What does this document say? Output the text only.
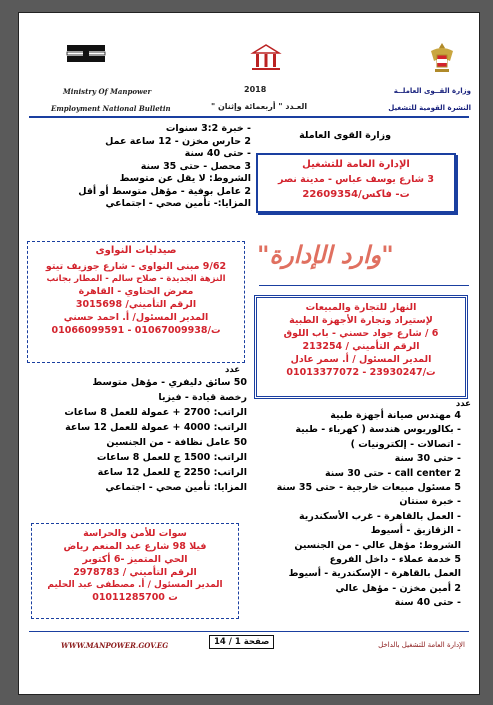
Ministry Of Manpower	2018	وزارة القــوى العاملــة
Employment National Bulletin	العـدد " أربعمائة وإثنان "	النشرة القومية للتشغيل
- خبرة 3:2 سنوات
2 حارس مخزن - 12 ساعة عمل
- حتى 40 سنة
3 محصل - حتى 35 سنة
الشروط: لا يقل عن متوسط
2 عامل بوفية - مؤهل متوسط أو أقل
المزايا:- تأمين صحي - اجتماعي
وزارة القوى العاملة
الإدارة العامة للتشغيل
3 شارع يوسف عباس - مدينة نصر
ت- فاكس/22609354
"وارد الإدارة"
صيدليات النواوى
9/62 مبنى النواوى - شارع جوزيف تيتو
النزهة الجديدة - صلاح سالم - المطار بجانب
معرض الحناوي - القاهرة
الرقم التأميني/ 3015698
المدير المسئول/ أ. احمد حسني
ت/01067009938 - 01066099591
النهار للتجارة والمبيعات
لإستيراد وتجارة الأجهزة الطبية
6 / شارع جواد حسني - باب اللوق
الرقم التأميني / 213254
المدير المسئول / أ. سمر عادل
ت/23930247 - 01013377072
عدد
50 سائق دليفري - مؤهل متوسط
رخصة قيادة - فيزيا
الراتب: 2700 + عمولة للعمل 8 ساعات
الراتب: 4000 + عمولة للعمل 12 ساعة
50 عامل نظافة - من الجنسين
الراتب: 1500 ج للعمل 8 ساعات
الراتب: 2250 ج للعمل 12 ساعة
المزايا: تأمين صحي - اجتماعي
عدد
4 مهندس صيانة أجهزة طبية
- بكالوريوس هندسة ( كهرباء - طبية
- اتصالات - إلكترونيات )
- حتى 30 سنة
2 call center - حتى 30 سنة
5 مسئول مبيعات خارجية - حتى 35 سنة
- خبرة سنتان
- العمل بالقاهرة - غرب الأسكندرية
- الزقازيق - أسيوط
الشروط: مؤهل عالي - من الجنسين
5 خدمة عملاء - داخل الفروع
العمل بالقاهرة - الإسكندرية - أسيوط
2 أمين مخزن - مؤهل عالي
- حتى 40 سنة
سوات للأمن والحراسة
فيلا 98 شارع عبد المنعم رياض
الحي المتميز -6 أكتوبر
الرقم التأميني / 2978783
المدير المسئول / أ. مصطفى عبد الحليم
ت 01011285700
WWW.MANPOWER.GOV.EG	صفحة 1 / 14	الإدارة العامة للتشغيل بالداخل
